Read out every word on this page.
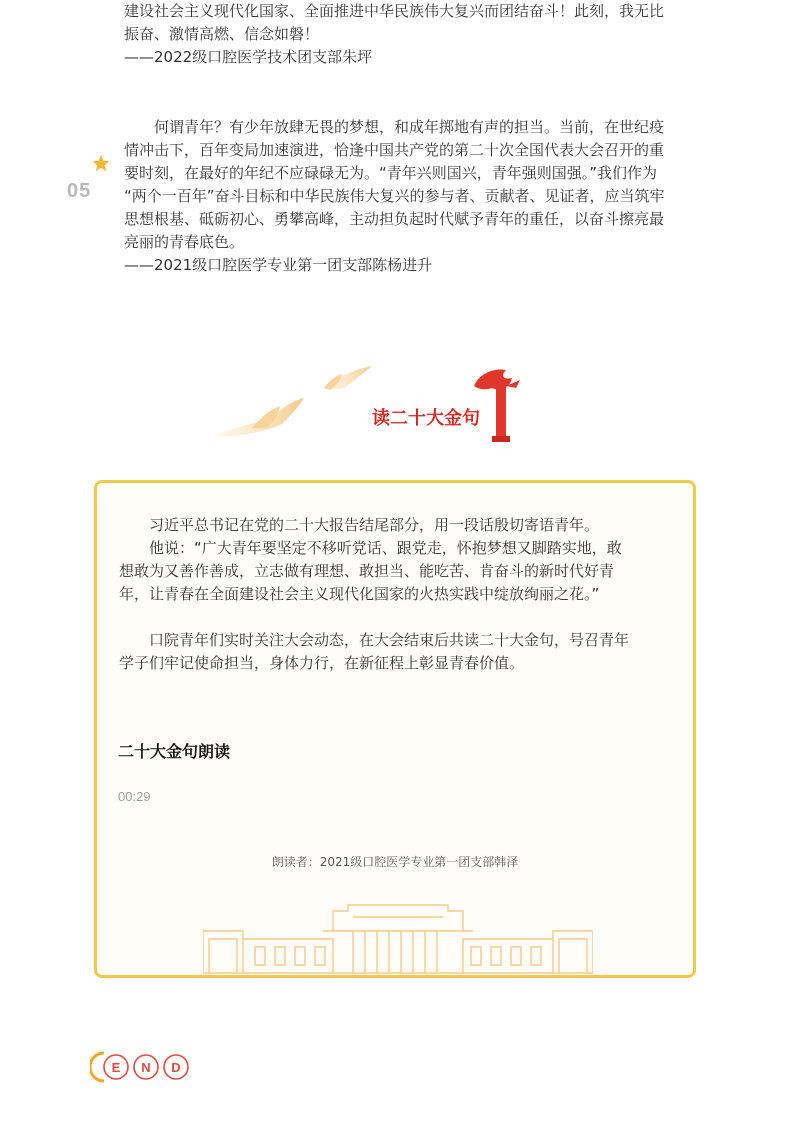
建设社会主义现代化国家、全面推进中华民族伟大复兴而团结奋斗！此刻，我无比

振奋、激情高燃、信念如磐！

——2022级口腔医学技术团支部朱坪

05

何谓青年？有少年放肆无畏的梦想，和成年掷地有声的担当。当前，在世纪疫

情冲击下，百年变局加速演进，恰逢中国共产党的第二十次全国代表大会召开的重

要时刻，在最好的年纪不应碌碌无为。“青年兴则国兴，青年强则国强。”我们作为

“两个一百年”奋斗目标和中华民族伟大复兴的参与者、贡献者、见证者，应当筑牢

思想根基、砥砺初心、勇攀高峰，主动担负起时代赋予青年的重任，以奋斗擦亮最

亮丽的青春底色。

——2021级口腔医学专业第一团支部陈杨进升

读二十大金句

习近平总书记在党的二十大报告结尾部分，用一段话殷切寄语青年。

他说：“广大青年要坚定不移听党话、跟党走，怀抱梦想又脚踏实地，敢

想敢为又善作善成，立志做有理想、敢担当、能吃苦、肯奋斗的新时代好青

年，让青春在全面建设社会主义现代化国家的火热实践中绽放绚丽之花。”

口院青年们实时关注大会动态，在大会结束后共读二十大金句，号召青年

学子们牢记使命担当，身体力行，在新征程上彰显青春价值。

二十大金句朗读
00:29
朗读者：2021级口腔医学专业第一团支部韩泽
E N D
